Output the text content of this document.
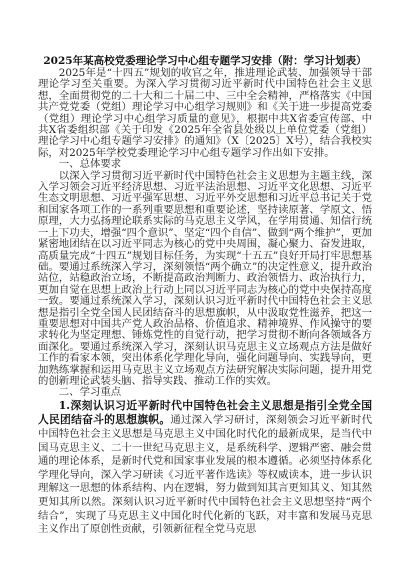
2025年某高校党委理论学习中心组专题学习安排（附：学习计划表）

2025年是“十四五”规划的收官之年，推进理论武装、加强领导干部理论学习至关重要。为深入学习贯彻习近平新时代中国特色社会主义思想，全面贯彻党的二十大和二十届二中、三中全会精神，严格落实《中国共产党党委（党组）理论学习中心组学习规则》和《关于进一步提高党委（党组）理论学习中心组学习质量的意见》，根据中共X省委宣传部、中共X省委组织部《关于印发《2025年全省县处级以上单位党委（党组）理论学习中心组专题学习安排》的通知》（X〔2025〕X号），结合我校实际，对2025年学校党委理论学习中心组专题学习作出如下安排。

一、总体要求

以深入学习贯彻习近平新时代中国特色社会主义思想为主题主线，深入学习领会习近平经济思想、习近平法治思想、习近平文化思想、习近平生态文明思想、习近平强军思想、习近平外交思想和习近平总书记关于党和国家各项工作的一系列重要思想和重要论述，坚持读原著、学原文、悟原理，大力弘扬理论联系实际的马克思主义学风，在学用贯通、知信行统一上下功夫，增强“四个意识”、坚定“四个自信”、做到“两个维护”，更加紧密地团结在以习近平同志为核心的党中央周围，凝心聚力、奋发进取，高质量完成“十四五”规划目标任务，为实现“十五五”良好开局打牢思想基础。要通过系统深入学习，深刻领悟“两个确立”的决定性意义，提升政治站位，站稳政治立场，不断提高政治判断力、政治领悟力、政治执行力，更加自觉在思想上政治上行动上同以习近平同志为核心的党中央保持高度一致。要通过系统深入学习，深刻认识习近平新时代中国特色社会主义思想是指引全党全国人民团结奋斗的思想旗帜，从中汲取党性滋养，把这一重要思想对中国共产党人政治品格、价值追求、精神境界、作风操守的要求转化为坚定理想、锤炼党性的自觉行动，把学习贯彻不断向各领域各方面深化。要通过系统深入学习，深刻认识马克思主义立场观点方法是做好工作的看家本领，突出体系化学理化导向，强化问题导向、实践导向，更加熟练掌握和运用马克思主义立场观点方法研究解决实际问题，提升用党的创新理论武装头脑、指导实践、推动工作的实效。

二、学习重点

1.深刻认识习近平新时代中国特色社会主义思想是指引全党全国人民团结奋斗的思想旗帜。通过深入学习研讨，深刻领会习近平新时代中国特色社会主义思想是马克思主义中国化时代化的最新成果，是当代中国马克思主义、二十一世纪马克思主义，是系统科学、逻辑严密、融会贯通的理论体系，是新时代党和国家事业发展的根本遵循。必须坚持体系化学理化导向，深入学习研读《习近平著作选读》等权威读本，进一步认识理解这一思想的体系结构、内在逻辑，努力做到知其言更知其义、知其然更知其所以然。深刻认识习近平新时代中国特色社会主义思想坚持“两个结合”，实现了马克思主义中国化时代化新的飞跃，对丰富和发展马克思主义作出了原创性贡献，引领新征程全党马克思
